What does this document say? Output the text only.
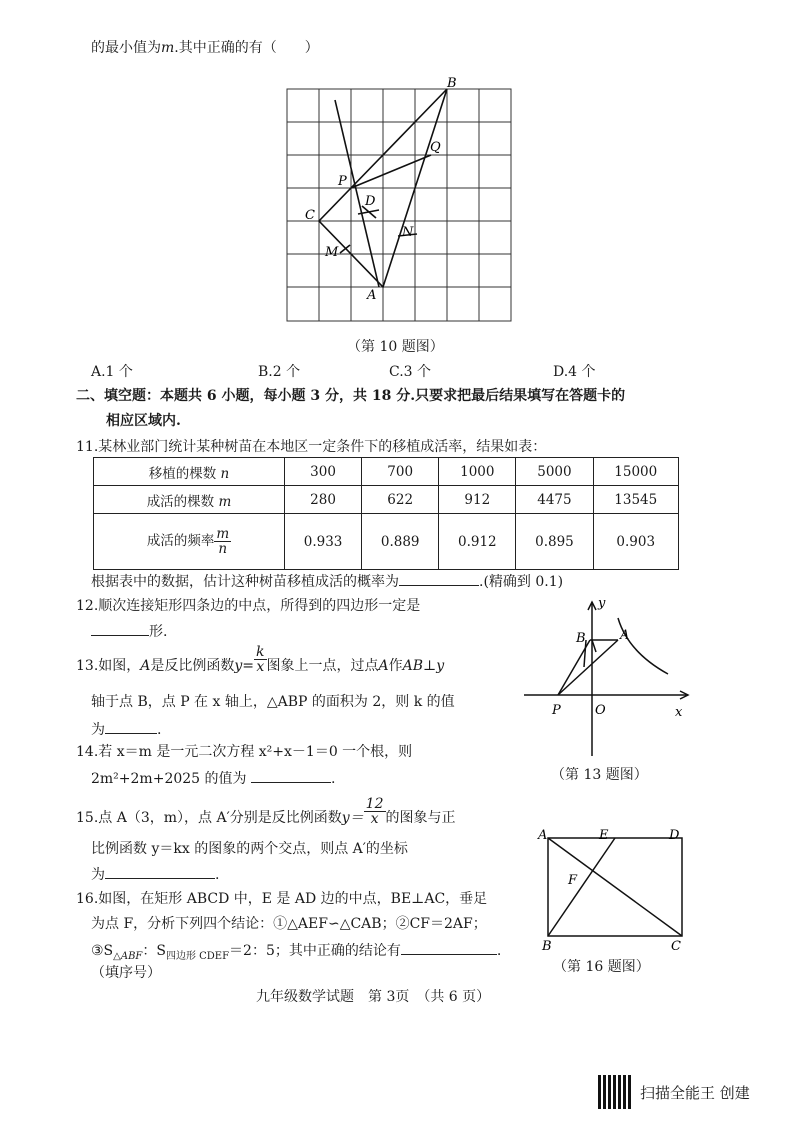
的最小值为m.其中正确的有（　　）
B
Q
P
D
C
N
M
A
（第 10 题图）
A.1 个	B.2 个	C.3 个	D.4 个
二、填空题：本题共 6 小题，每小题 3 分，共 18 分.只要求把最后结果填写在答题卡的
相应区域内.
11.某林业部门统计某种树苗在本地区一定条件下的移植成活率，结果如表：
移植的棵数 n	300	700	1000	5000	15000
成活的棵数 m	280	622	912	4475	13545
成活的频率 $\frac{m}{n}$	0.933	0.889	0.912	0.895	0.903
根据表中的数据，估计这种树苗移植成活的概率为	.(精确到 0.1)
12.顺次连接矩形四条边的中点，所得到的四边形一定是
形.
13.如图，A是反比例函数$y= \frac{k}{x}$ 图象上一点，过点A作AB⊥y
轴于点 B，点 P 在 x 轴上，△ABP 的面积为 2，则 k 的值
为	.
y
B	A
P	O	x
（第 13 题图）
14.若 x＝m 是一元二次方程 x²+x－1＝0 一个根，则
2m²+2m+2025 的值为	.
15.点 A（3，m），点 A′分别是反比例函数$y= \frac{12}{x}$ 的图象与正
比例函数 y＝kx 的图象的两个交点，则点 A′的坐标
为	.
16.如图，在矩形 ABCD 中，E 是 AD 边的中点，BE⊥AC，垂足
为点 F，分析下列四个结论：①△AEF∽△CAB；②CF＝2AF；
$③S_{\triangle ABF}$：$S_{四边形 CDEF}=2$：5；其中正确的结论有	.
（填序号）
A	E	D
F
B	C
（第 16 题图）
九年级数学试题　第 3页　（共 6 页）
扫描全能王 创建
